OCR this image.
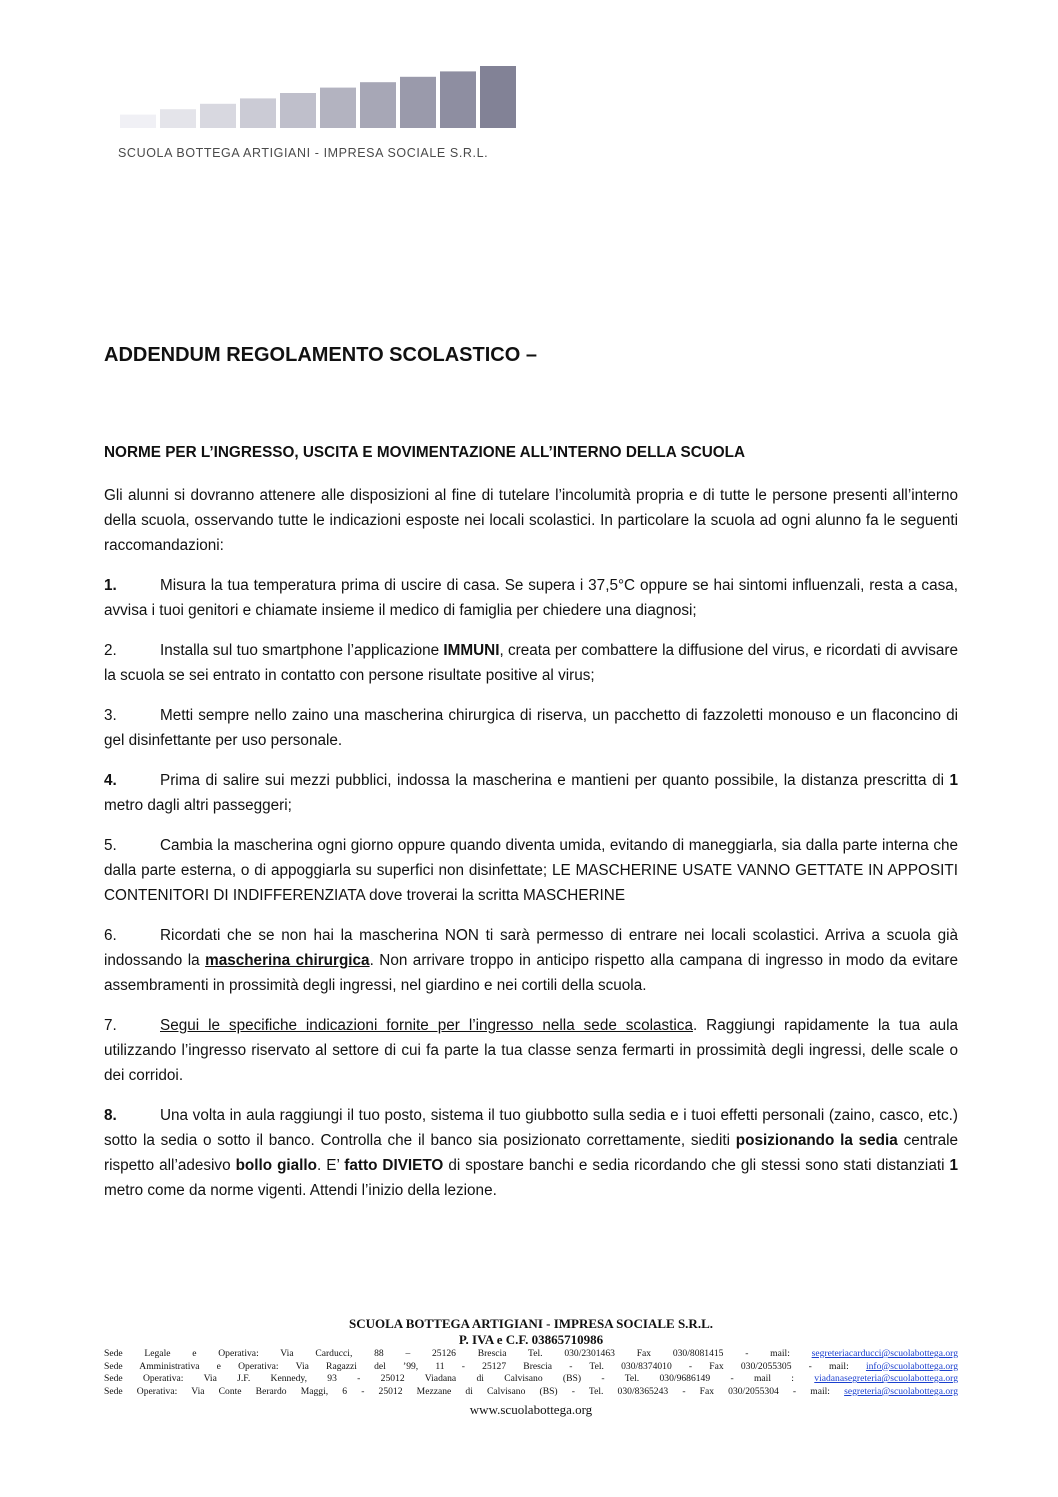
SCUOLA BOTTEGA ARTIGIANI - IMPRESA SOCIALE S.R.L.
ADDENDUM REGOLAMENTO SCOLASTICO –
NORME PER L’INGRESSO, USCITA E MOVIMENTAZIONE ALL’INTERNO DELLA SCUOLA

Gli alunni si dovranno attenere alle disposizioni al fine di tutelare l’incolumità propria e di tutte le persone presenti all’interno della scuola, osservando tutte le indicazioni esposte nei locali scolastici. In particolare la scuola ad ogni alunno fa le seguenti raccomandazioni:

1.	Misura la tua temperatura prima di uscire di casa. Se supera i 37,5°C oppure se hai sintomi influenzali, resta a casa, avvisa i tuoi genitori e chiamate insieme il medico di famiglia per chiedere una diagnosi;

2.	Installa sul tuo smartphone l’applicazione IMMUNI, creata per combattere la diffusione del virus, e ricordati di avvisare la scuola se sei entrato in contatto con persone risultate positive al virus;

3.	Metti sempre nello zaino una mascherina chirurgica di riserva, un pacchetto di fazzoletti monouso e un flaconcino di gel disinfettante per uso personale.

4.	Prima di salire sui mezzi pubblici, indossa la mascherina e mantieni per quanto possibile, la distanza prescritta di 1 metro dagli altri passeggeri;

5.	Cambia la mascherina ogni giorno oppure quando diventa umida, evitando di maneggiarla, sia dalla parte interna che dalla parte esterna, o di appoggiarla su superfici non disinfettate; LE MASCHERINE USATE VANNO GETTATE IN APPOSITI CONTENITORI DI INDIFFERENZIATA dove troverai la scritta MASCHERINE

6.	Ricordati che se non hai la mascherina NON ti sarà permesso di entrare nei locali scolastici. Arriva a scuola già indossando la mascherina chirurgica. Non arrivare troppo in anticipo rispetto alla campana di ingresso in modo da evitare assembramenti in prossimità degli ingressi, nel giardino e nei cortili della scuola.

7.	Segui le specifiche indicazioni fornite per l’ingresso nella sede scolastica. Raggiungi rapidamente la tua aula utilizzando l’ingresso riservato al settore di cui fa parte la tua classe senza fermarti in prossimità degli ingressi, delle scale o dei corridoi.

8.	Una volta in aula raggiungi il tuo posto, sistema il tuo giubbotto sulla sedia e i tuoi effetti personali (zaino, casco, etc.) sotto la sedia o sotto il banco. Controlla che il banco sia posizionato correttamente, siediti posizionando la sedia centrale rispetto all’adesivo bollo giallo. E’ fatto DIVIETO di spostare banchi e sedia ricordando che gli stessi sono stati distanziati 1 metro come da norme vigenti. Attendi l’inizio della lezione.

SCUOLA BOTTEGA ARTIGIANI - IMPRESA SOCIALE S.R.L.
P. IVA e C.F. 03865710986
Sede Legale e Operativa: Via Carducci, 88 – 25126 Brescia Tel. 030/2301463 Fax 030/8081415 - mail: segreteriacarducci@scuolabottega.org
Sede Amministrativa e Operativa: Via Ragazzi del ’99, 11 - 25127 Brescia - Tel. 030/8374010 - Fax 030/2055305 - mail: info@scuolabottega.org
Sede Operativa: Via J.F. Kennedy, 93 - 25012 Viadana di Calvisano (BS) - Tel. 030/9686149 - mail : viadanasegreteria@scuolabottega.org
Sede Operativa: Via Conte Berardo Maggi, 6 - 25012 Mezzane di Calvisano (BS) - Tel. 030/8365243 - Fax 030/2055304 - mail: segreteria@scuolabottega.org
www.scuolabottega.org
